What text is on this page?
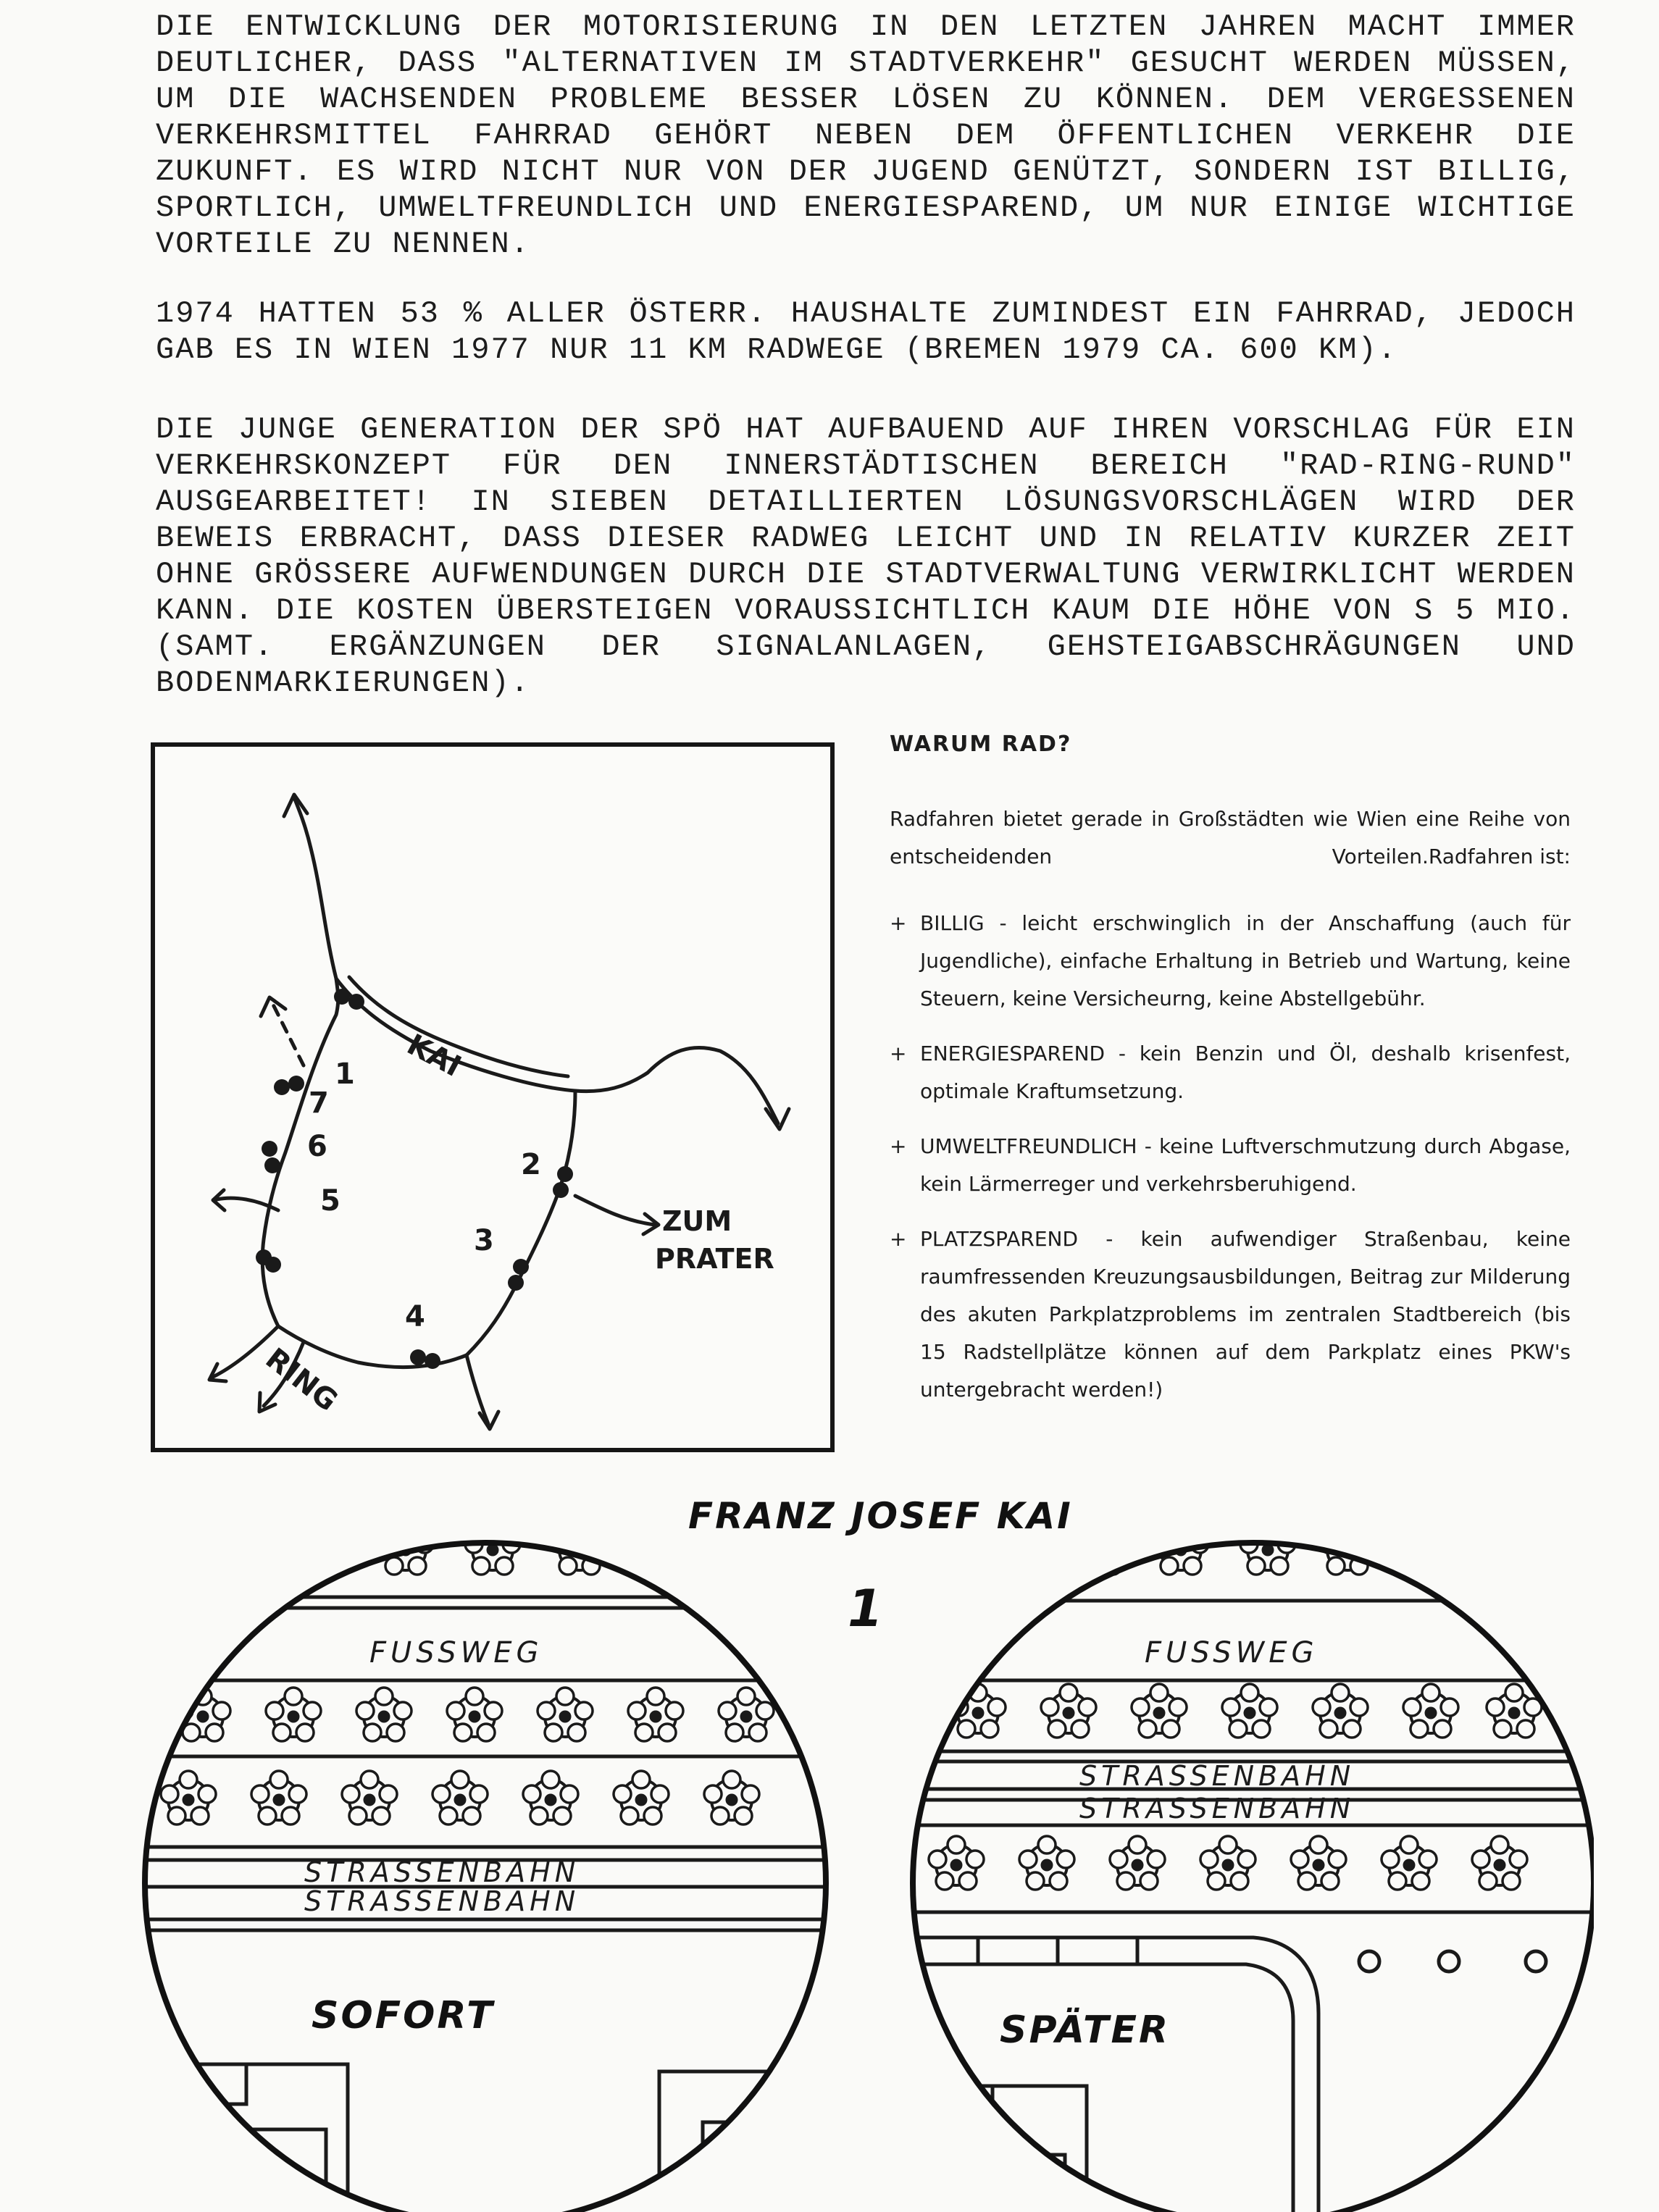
DIE ENTWICKLUNG DER MOTORISIERUNG IN DEN LETZTEN JAHREN MACHT IMMER DEUTLICHER, DASS "ALTERNATIVEN IM STADTVERKEHR" GESUCHT WERDEN MÜSSEN, UM DIE WACHSENDEN PROBLEME BESSER LÖSEN ZU KÖNNEN. DEM VERGESSENEN VERKEHRSMITTEL FAHRRAD GEHÖRT NEBEN DEM ÖFFENTLICHEN VERKEHR DIE ZUKUNFT. ES WIRD NICHT NUR VON DER JUGEND GENÜTZT, SONDERN IST BILLIG, SPORTLICH, UMWELTFREUNDLICH UND ENERGIESPAREND, UM NUR EINIGE WICHTIGE VORTEILE ZU NENNEN.

1974 HATTEN 53 % ALLER ÖSTERR. HAUSHALTE ZUMINDEST EIN FAHRRAD, JEDOCH GAB ES IN WIEN 1977 NUR 11 KM RADWEGE (BREMEN 1979 CA. 600 KM).

DIE JUNGE GENERATION DER SPÖ HAT AUFBAUEND AUF IHREN VORSCHLAG FÜR EIN VERKEHRSKONZEPT FÜR DEN INNERSTÄDTISCHEN BEREICH "RAD-RING-RUND" AUSGEARBEITET! IN SIEBEN DETAILLIERTEN LÖSUNGSVORSCHLÄGEN WIRD DER BEWEIS ERBRACHT, DASS DIESER RADWEG LEICHT UND IN RELATIV KURZER ZEIT OHNE GRÖSSERE AUFWENDUNGEN DURCH DIE STADTVERWALTUNG VERWIRKLICHT WERDEN KANN. DIE KOSTEN ÜBERSTEIGEN VORAUSSICHTLICH KAUM DIE HÖHE VON S 5 MIO. (SAMT. ERGÄNZUNGEN DER SIGNALANLAGEN, GEHSTEIGABSCHRÄGUNGEN UND BODENMARKIERUNGEN).

KAI
RING
ZUM
PRATER
1
2
3
4
5
6
7
WARUM RAD?

Radfahren bietet gerade in Großstädten wie Wien eine Reihe von entscheidenden Vorteilen. Radfahren ist:

+ BILLIG - leicht erschwinglich in der Anschaffung (auch für Jugendliche), einfache Erhaltung in Betrieb und Wartung, keine Steuern, keine Versicheurng, keine Abstellgebühr.

+ ENERGIESPAREND - kein Benzin und Öl, deshalb krisenfest, optimale Kraftumsetzung.

+ UMWELTFREUNDLICH - keine Luftverschmutzung durch Abgase, kein Lärmerreger und verkehrsberuhigend.

+ PLATZSPAREND - kein aufwendiger Straßenbau, keine raumfressenden Kreuzungsausbildungen, Beitrag zur Milderung des akuten Parkplatzproblems im zentralen Stadtbereich (bis 15 Radstellplätze können auf dem Parkplatz eines PKW's untergebracht werden!)

FUSSWEG
STRASSENBAHN
STRASSENBAHN
SOFORT
FUSSWEG
STRASSENBAHN
STRASSENBAHN
SPÄTER
FRANZ JOSEF KAI
1
